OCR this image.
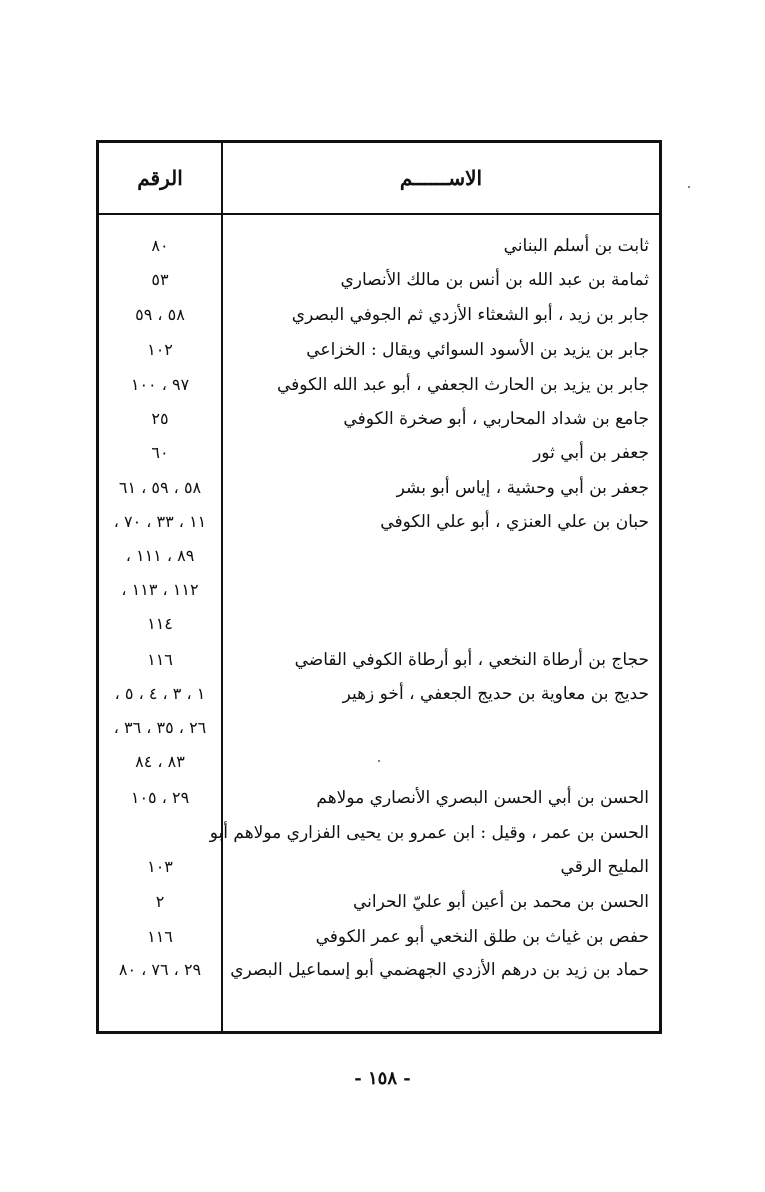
الرقم	الاســــــم
ثابت بن أسلم البناني
٨٠
ثمامة بن عبد الله بن أنس بن مالك الأنصاري
٥٣
جابر بن زيد ، أبو الشعثاء الأزدي ثم الجوفي البصري
٥٨ ، ٥٩
جابر بن يزيد بن الأسود السوائي ويقال : الخزاعي
١٠٢
جابر بن يزيد بن الحارث الجعفي ، أبو عبد الله الكوفي
٩٧ ، ١٠٠
جامع بن شداد المحاربي ، أبو صخرة الكوفي
٢٥
جعفر بن أبي ثور
٦٠
جعفر بن أبي وحشية ، إياس أبو بشر
٥٨ ، ٥٩ ، ٦١
حبان بن علي العنزي ، أبو علي الكوفي
١١ ، ٣٣ ، ٧٠ ،
٨٩ ، ١١١ ،
١١٢ ، ١١٣ ،
١١٤
حجاج بن أرطاة النخعي ، أبو أرطاة الكوفي القاضي
١١٦
حديج بن معاوية بن حديج الجعفي ، أخو زهير
١ ، ٣ ، ٤ ، ٥ ،
٢٦ ، ٣٥ ، ٣٦ ،
٨٣ ، ٨٤
الحسن بن أبي الحسن البصري الأنصاري مولاهم
٢٩ ، ١٠٥
الحسن بن عمر ، وقيل : ابن عمرو بن يحيى الفزاري مولاهم أبو
المليح الرقي
١٠٣
الحسن بن محمد بن أعين أبو عليّ الحراني
٢
حفص بن غياث بن طلق النخعي أبو عمر الكوفي
١١٦
حماد بن زيد بن درهم الأزدي الجهضمي أبو إسماعيل البصري
٢٩ ، ٧٦ ، ٨٠
- ١٥٨ -
